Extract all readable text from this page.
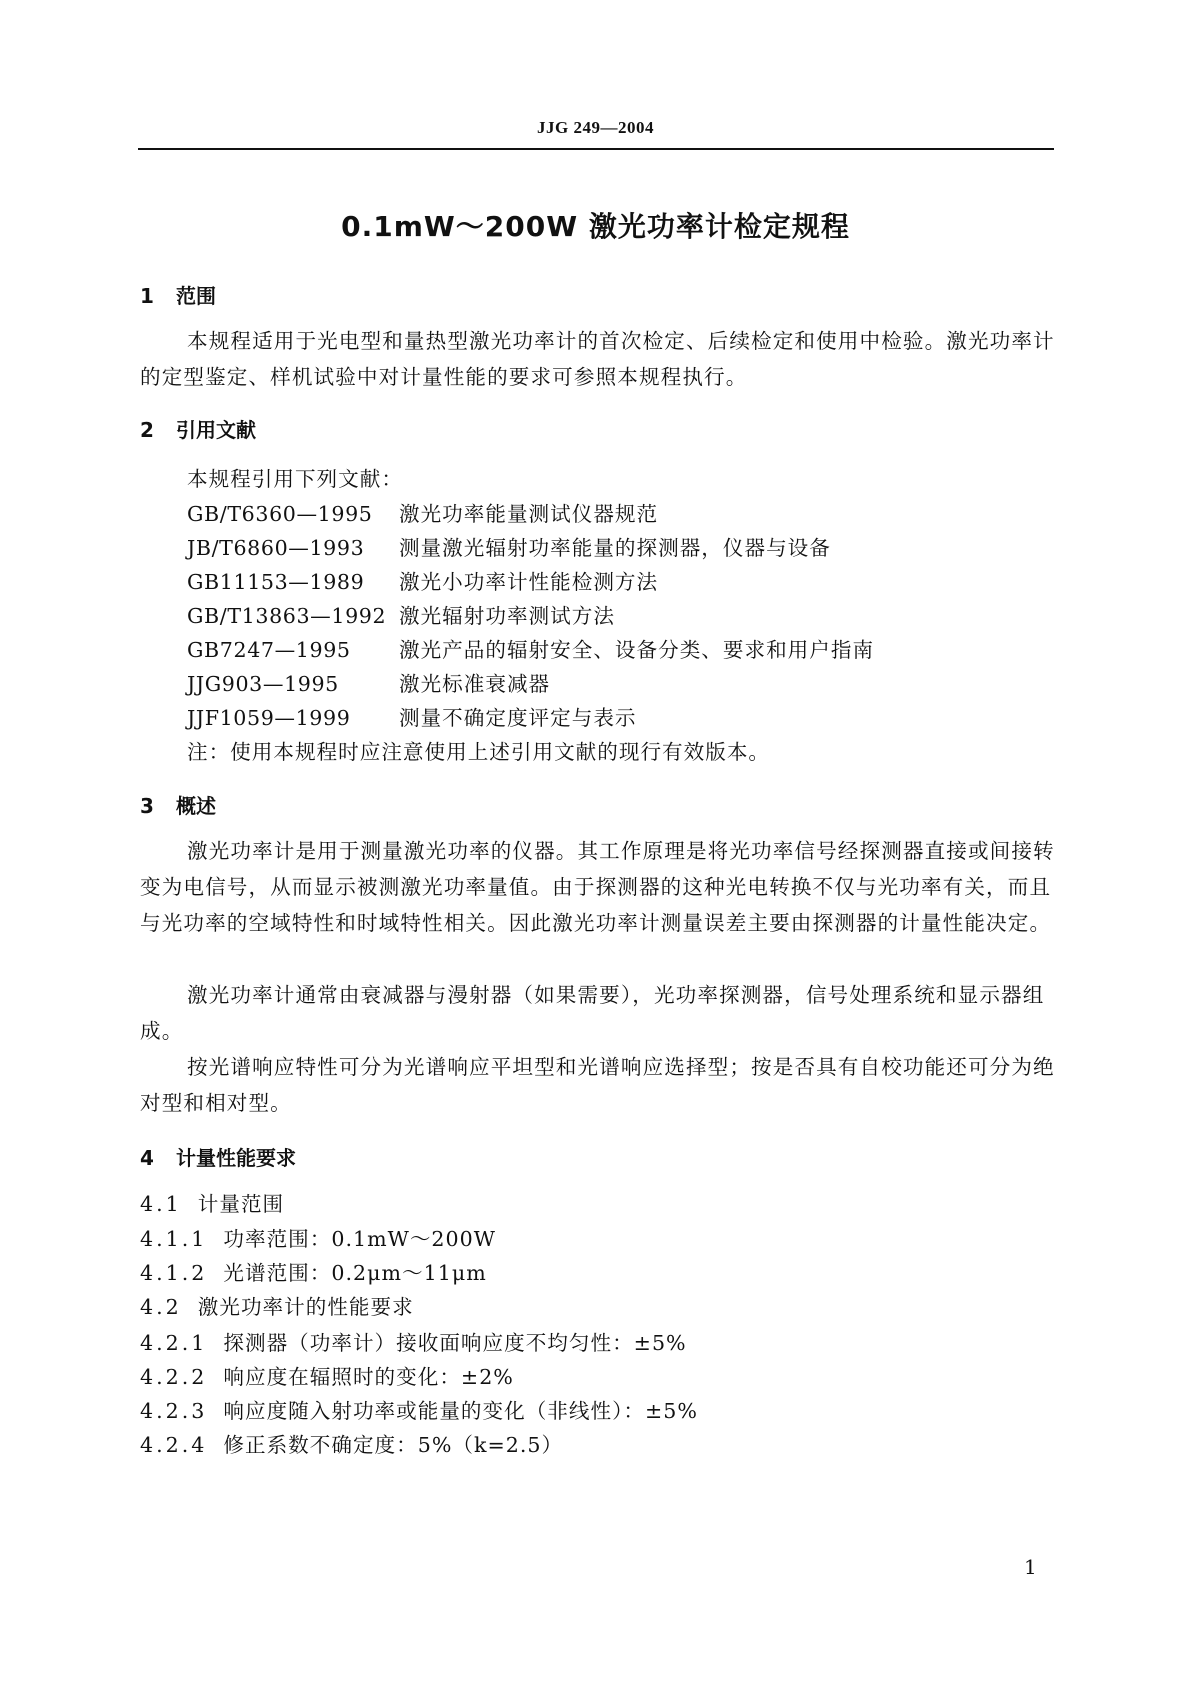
JJG 249—2004
0.1mW～200W 激光功率计检定规程
1 范围
本规程适用于光电型和量热型激光功率计的首次检定、后续检定和使用中检验。激光功率计的定型鉴定、样机试验中对计量性能的要求可参照本规程执行。
2 引用文献
本规程引用下列文献：
GB/T6360—1995 激光功率能量测试仪器规范
JB/T6860—1993 测量激光辐射功率能量的探测器，仪器与设备
GB11153—1989 激光小功率计性能检测方法
GB/T13863—1992 激光辐射功率测试方法
GB7247—1995 激光产品的辐射安全、设备分类、要求和用户指南
JJG903—1995	激光标准衰减器
JJF1059—1999 测量不确定度评定与表示
注：使用本规程时应注意使用上述引用文献的现行有效版本。
3 概述
激光功率计是用于测量激光功率的仪器。其工作原理是将光功率信号经探测器直接或间接转变为电信号，从而显示被测激光功率量值。由于探测器的这种光电转换不仅与光功率有关，而且与光功率的空域特性和时域特性相关。因此激光功率计测量误差主要由探测器的计量性能决定。
激光功率计通常由衰减器与漫射器（如果需要），光功率探测器，信号处理系统和显示器组成。
按光谱响应特性可分为光谱响应平坦型和光谱响应选择型；按是否具有自校功能还可分为绝对型和相对型。
4 计量性能要求
4.1 计量范围
4.1.1 功率范围：0.1mW～200W
4.1.2 光谱范围：0.2μm～11μm
4.2 激光功率计的性能要求
4.2.1 探测器（功率计）接收面响应度不均匀性：±5%
4.2.2 响应度在辐照时的变化：±2%
4.2.3 响应度随入射功率或能量的变化（非线性）：±5%
4.2.4 修正系数不确定度：5%（k=2.5）
1
